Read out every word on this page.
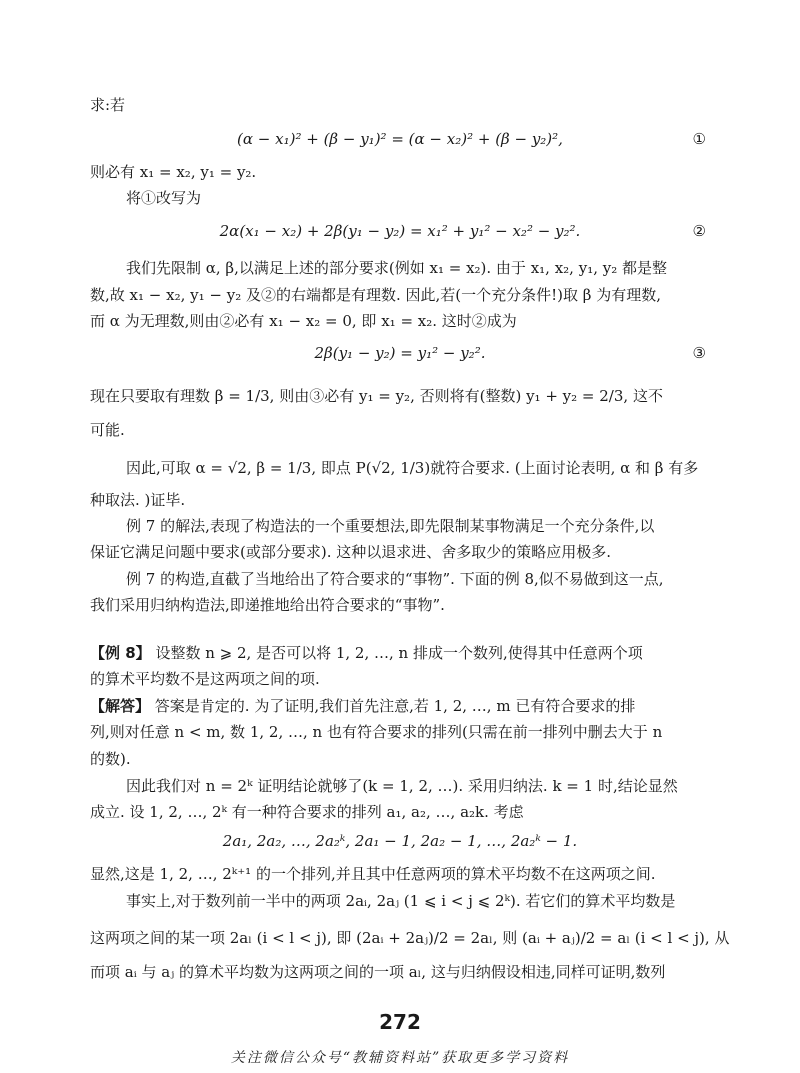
求:若
(α − x₁)² + (β − y₁)² = (α − x₂)² + (β − y₂)²,	①
则必有 x₁ = x₂, y₁ = y₂.
将①改写为
2α(x₁ − x₂) + 2β(y₁ − y₂) = x₁² + y₁² − x₂² − y₂².	②
我们先限制 α, β,以满足上述的部分要求(例如 x₁ = x₂). 由于 x₁, x₂, y₁, y₂ 都是整
数,故 x₁ − x₂, y₁ − y₂ 及②的右端都是有理数. 因此,若(一个充分条件!)取 β 为有理数,
而 α 为无理数,则由②必有 x₁ − x₂ = 0, 即 x₁ = x₂. 这时②成为
2β(y₁ − y₂) = y₁² − y₂².	③
现在只要取有理数 β = 1/3, 则由③必有 y₁ = y₂, 否则将有(整数) y₁ + y₂ = 2/3, 这不
可能.
因此,可取 α = √2, β = 1/3, 即点 P(√2, 1/3)就符合要求. (上面讨论表明, α 和 β 有多
种取法. )证毕.
例 7 的解法,表现了构造法的一个重要想法,即先限制某事物满足一个充分条件,以
保证它满足问题中要求(或部分要求). 这种以退求进、舍多取少的策略应用极多.
例 7 的构造,直截了当地给出了符合要求的“事物”. 下面的例 8,似不易做到这一点,
我们采用归纳构造法,即递推地给出符合要求的“事物”.
【例 8】 设整数 n ⩾ 2, 是否可以将 1, 2, …, n 排成一个数列,使得其中任意两个项
的算术平均数不是这两项之间的项.
【解答】 答案是肯定的. 为了证明,我们首先注意,若 1, 2, …, m 已有符合要求的排
列,则对任意 n < m, 数 1, 2, …, n 也有符合要求的排列(只需在前一排列中删去大于 n
的数).
因此我们对 n = 2ᵏ 证明结论就够了(k = 1, 2, …). 采用归纳法. k = 1 时,结论显然
成立. 设 1, 2, …, 2ᵏ 有一种符合要求的排列 a₁, a₂, …, a₂k. 考虑
2a₁, 2a₂, …, 2a₂ᵏ, 2a₁ − 1, 2a₂ − 1, …, 2a₂ᵏ − 1.
显然,这是 1, 2, …, 2ᵏ⁺¹ 的一个排列,并且其中任意两项的算术平均数不在这两项之间.
事实上,对于数列前一半中的两项 2aᵢ, 2aⱼ (1 ⩽ i < j ⩽ 2ᵏ). 若它们的算术平均数是
这两项之间的某一项 2aₗ (i < l < j), 即 (2aᵢ + 2aⱼ)/2 = 2aₗ, 则 (aᵢ + aⱼ)/2 = aₗ (i < l < j), 从
而项 aᵢ 与 aⱼ 的算术平均数为这两项之间的一项 aₗ, 这与归纳假设相违,同样可证明,数列
272
关注微信公众号“教辅资料站”获取更多学习资料
